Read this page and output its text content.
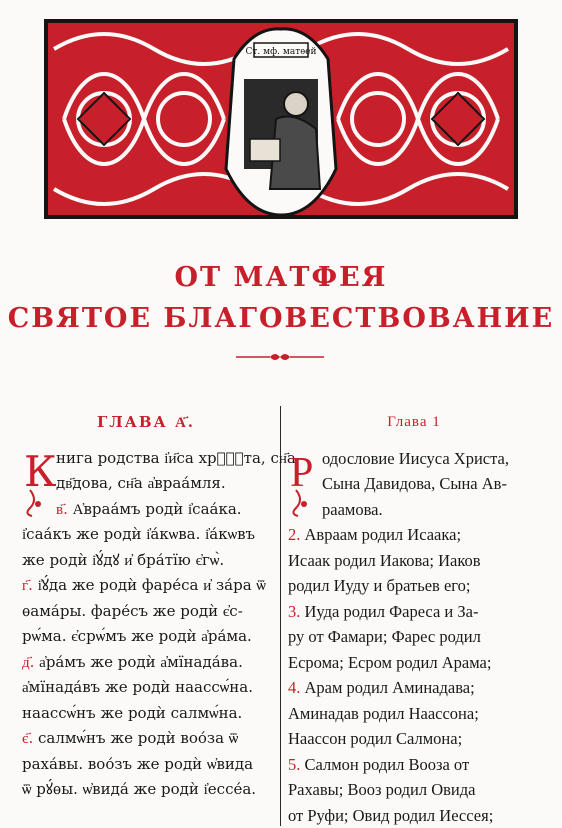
Ст. мф. матѳей
ОТ МАТФЕЯ
СВЯТОЕ БЛАГОВЕСТВОВАНИЕ
ГЛАВА А҃.
К нига родства і҆и҃са хр҇ⷭ҇та, сн҃а
дв҃дова, сн҃а а҆враа́мля.
в҃. А҆враа́мъ родѝ і҆саа́ка.
і҆саа́къ же родѝ і҆а́кѡва. і҆а́кѡвъ
же родѝ і҆ꙋ́дꙋ и҆ бра́тїю є҆гѡ̀.
г҃. і҆ꙋ́да же родѝ фаре́са и҆ за́ра ѿ
ѳама́ры. фаре́съ же родѝ є҆с-
рѡ́ма. є҆срѡ́мъ же родѝ а҆ра́ма.
д҃. а҆ра́мъ же родѝ а҆мїнада́ва.
а҆мїнада́въ же родѝ наассѡ́на.
наассѡ́нъ же родѝ салмѡ́на.
є҃. салмѡ́нъ же родѝ воо́за ѿ
раха́вы. воо́зъ же родѝ ѡ҆вида
ѿ рꙋ́ѳы. ѡ҆вида́ же родѝ і҆ессе́а.
Глава 1
Р одословие Иисуса Христа,
Сына Давидова, Сына Ав-
раамова.
2. Авраам родил Исаака;
Исаак родил Иакова; Иаков
родил Иуду и братьев его;
3. Иуда родил Фареса и За-
ру от Фамари; Фарес родил
Есрома; Есром родил Арама;
4. Арам родил Аминадава;
Аминадав родил Наассона;
Наассон родил Салмона;
5. Салмон родил Вооза от
Рахавы; Вооз родил Овида
от Руфи; Овид родил Иессея;
